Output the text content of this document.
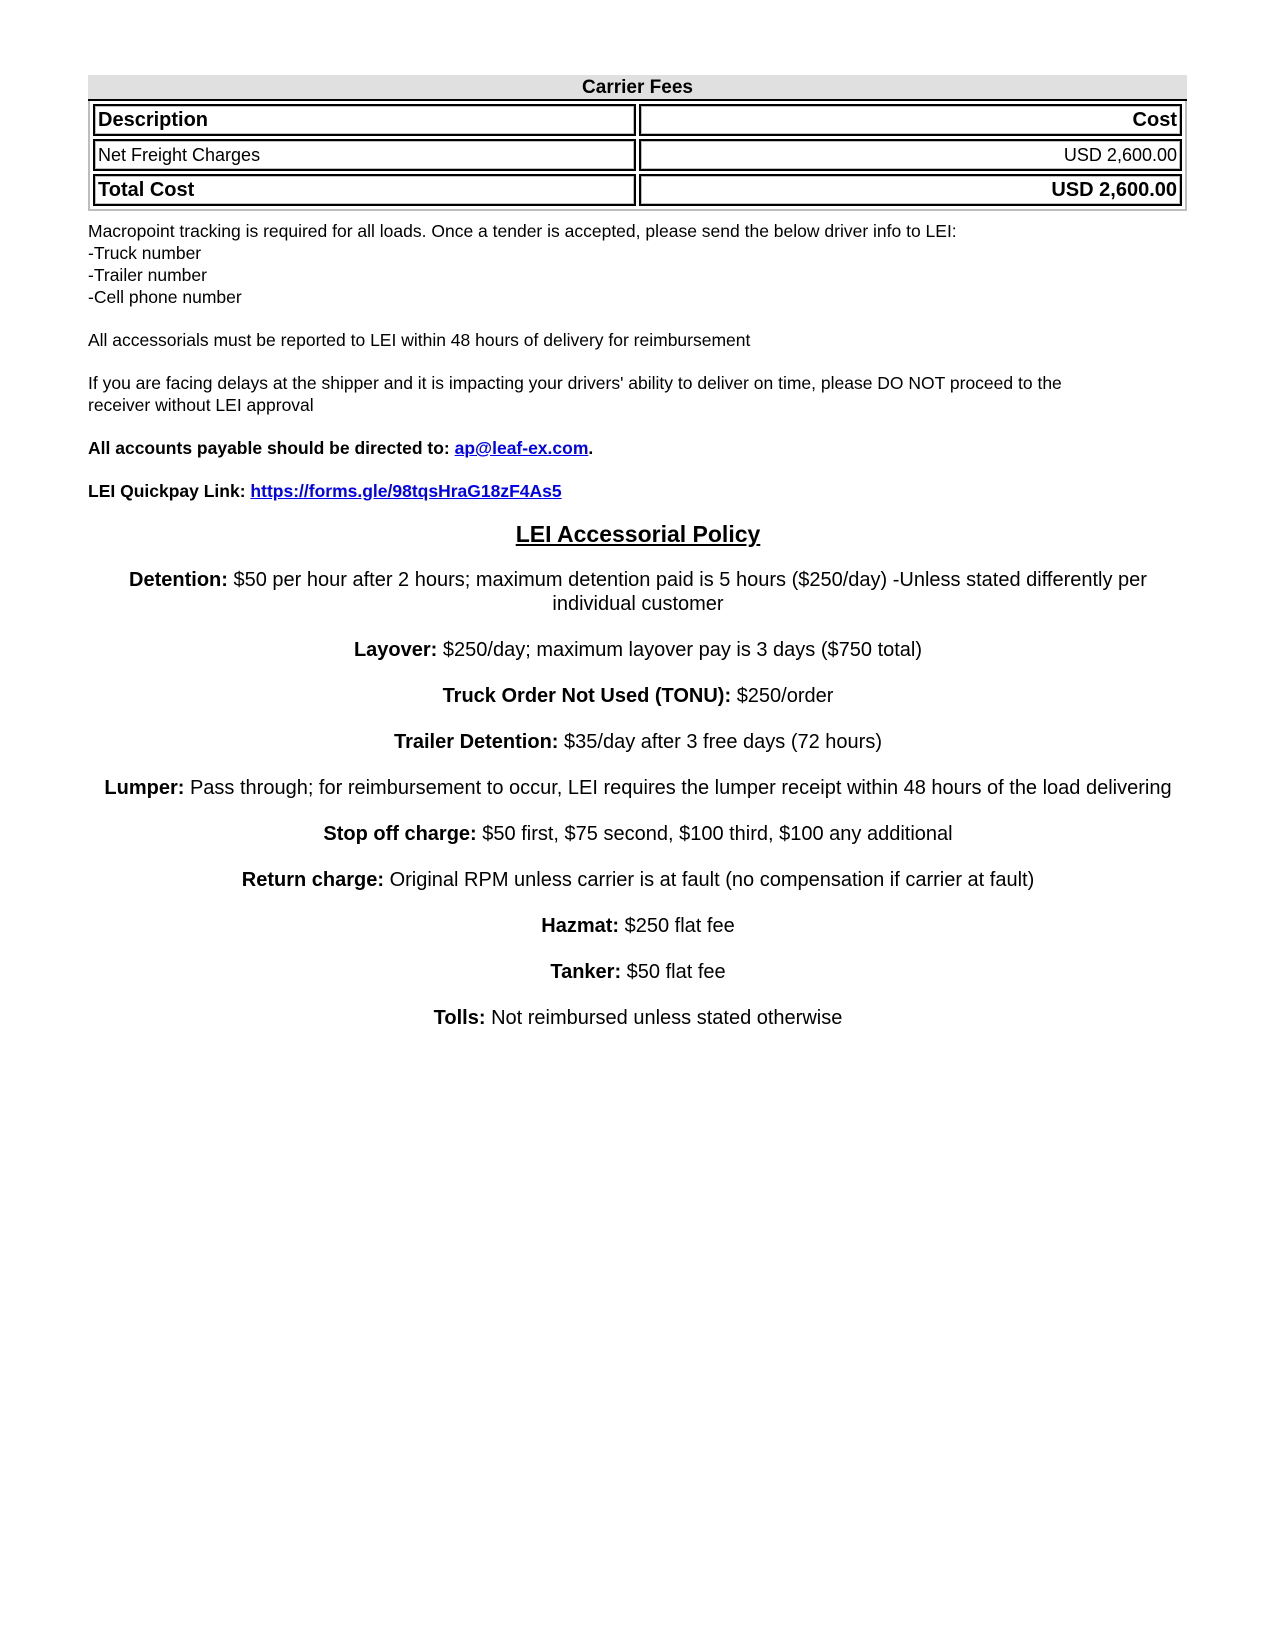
Carrier Fees
Description	Cost
Net Freight Charges	USD 2,600.00
Total Cost	USD 2,600.00

Macropoint tracking is required for all loads. Once a tender is accepted, please send the below driver info to LEI:
-Truck number
-Trailer number
-Cell phone number

All accessorials must be reported to LEI within 48 hours of delivery for reimbursement

If you are facing delays at the shipper and it is impacting your drivers' ability to deliver on time, please DO NOT proceed to the
receiver without LEI approval

All accounts payable should be directed to: ap@leaf-ex.com.

LEI Quickpay Link: https://forms.gle/98tqsHraG18zF4As5

LEI Accessorial Policy

Detention: $50 per hour after 2 hours; maximum detention paid is 5 hours ($250/day) -Unless stated differently per individual customer

Layover: $250/day; maximum layover pay is 3 days ($750 total)

Truck Order Not Used (TONU): $250/order

Trailer Detention: $35/day after 3 free days (72 hours)

Lumper: Pass through; for reimbursement to occur, LEI requires the lumper receipt within 48 hours of the load delivering

Stop off charge: $50 first, $75 second, $100 third, $100 any additional

Return charge: Original RPM unless carrier is at fault (no compensation if carrier at fault)

Hazmat: $250 flat fee

Tanker: $50 flat fee

Tolls: Not reimbursed unless stated otherwise
